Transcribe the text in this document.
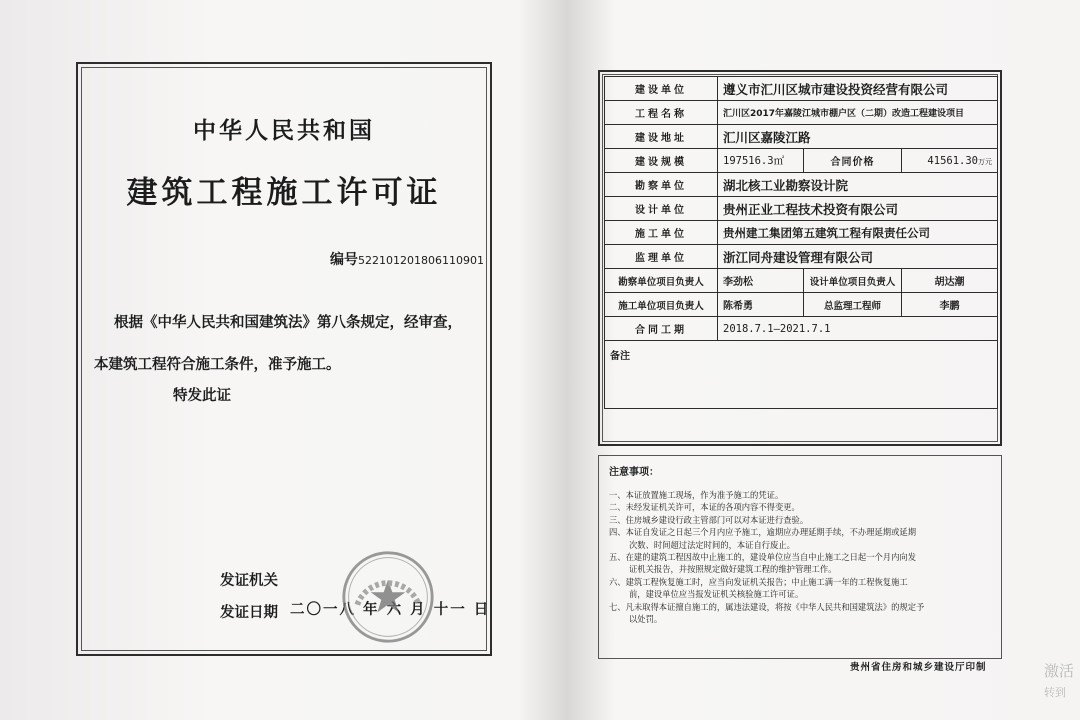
中华人民共和国
建筑工程施工许可证
编号522101201806110901

根据《中华人民共和国建筑法》第八条规定，经审查，

本建筑工程符合施工条件，准予施工。

特发此证
发证机关
发证日期 二〇一八 年 六 月 十一 日
建设单位	遵义市汇川区城市建设投资经营有限公司		
工程名称	汇川区2017年嘉陵江城市棚户区（二期）改造工程建设项目		
建设地址	汇川区嘉陵江路		
建设规模	197516.3㎡	合同价格	41561.30万元
勘察单位	湖北核工业勘察设计院		
设计单位	贵州正业工程技术投资有限公司		
施工单位	贵州建工集团第五建筑工程有限责任公司		
监理单位	浙江同舟建设管理有限公司		
勘察单位项目负责人	李劲松	设计单位项目负责人	胡达潮
施工单位项目负责人	陈希勇	总监理工程师	李鹏
合同工期	2018.7.1—2021.7.1		
备注			
注意事项：
一、本证放置施工现场，作为准予施工的凭证。
二、未经发证机关许可，本证的各项内容不得变更。
三、住房城乡建设行政主管部门可以对本证进行查验。
四、本证自发证之日起三个月内应予施工，逾期应办理延期手续，不办理延期或延期
次数、时间超过法定时间的，本证自行废止。
五、在建的建筑工程因故中止施工的，建设单位应当自中止施工之日起一个月内向发
证机关报告，并按照规定做好建筑工程的维护管理工作。
六、建筑工程恢复施工时，应当向发证机关报告；中止施工满一年的工程恢复施工
前，建设单位应当报发证机关核验施工许可证。
七、凡未取得本证擅自施工的，属违法建设，将按《中华人民共和国建筑法》的规定予
以处罚。
贵州省住房和城乡建设厅印制	激活
转到
